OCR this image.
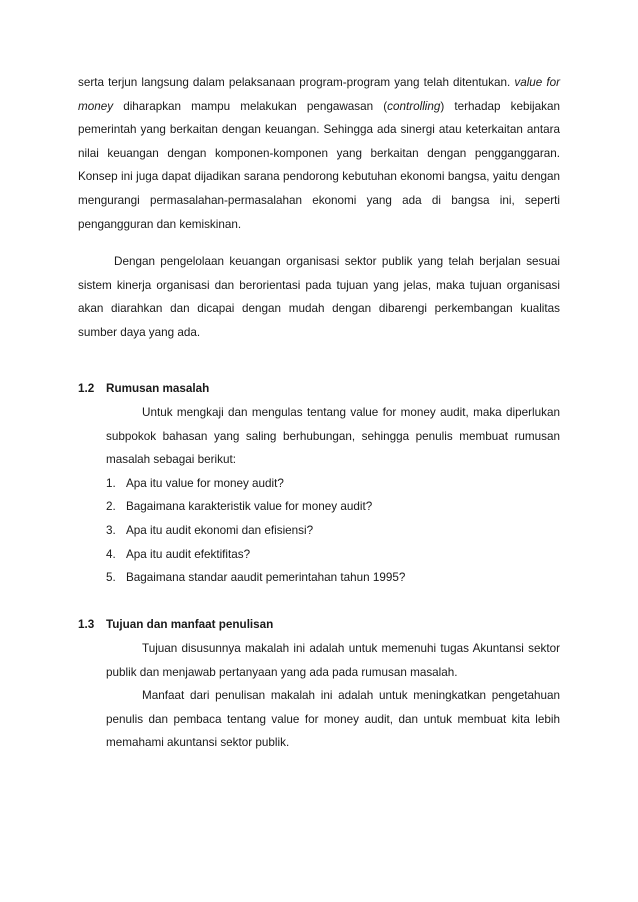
serta terjun langsung dalam pelaksanaan program-program yang telah ditentukan. value for
money diharapkan mampu melakukan pengawasan (controlling) terhadap kebijakan
pemerintah yang berkaitan dengan keuangan. Sehingga ada sinergi atau keterkaitan antara
nilai keuangan dengan komponen-komponen yang berkaitan dengan pengganggaran.
Konsep ini juga dapat dijadikan sarana pendorong kebutuhan ekonomi bangsa, yaitu dengan
mengurangi permasalahan-permasalahan ekonomi yang ada di bangsa ini, seperti
pengangguran dan kemiskinan.
Dengan pengelolaan keuangan organisasi sektor publik yang telah berjalan sesuai
sistem kinerja organisasi dan berorientasi pada tujuan yang jelas, maka tujuan organisasi
akan diarahkan dan dicapai dengan mudah dengan dibarengi perkembangan kualitas
sumber daya yang ada.
1.2 Rumusan masalah
Untuk mengkaji dan mengulas tentang value for money audit, maka diperlukan
subpokok bahasan yang saling berhubungan, sehingga penulis membuat rumusan
masalah sebagai berikut:
1. Apa itu value for money audit?
2. Bagaimana karakteristik value for money audit?
3. Apa itu audit ekonomi dan efisiensi?
4. Apa itu audit efektifitas?
5. Bagaimana standar aaudit pemerintahan tahun 1995?
1.3 Tujuan dan manfaat penulisan
Tujuan disusunnya makalah ini adalah untuk memenuhi tugas Akuntansi sektor
publik dan menjawab pertanyaan yang ada pada rumusan masalah.
Manfaat dari penulisan makalah ini adalah untuk meningkatkan pengetahuan
penulis dan pembaca tentang value for money audit, dan untuk membuat kita lebih
memahami akuntansi sektor publik.
